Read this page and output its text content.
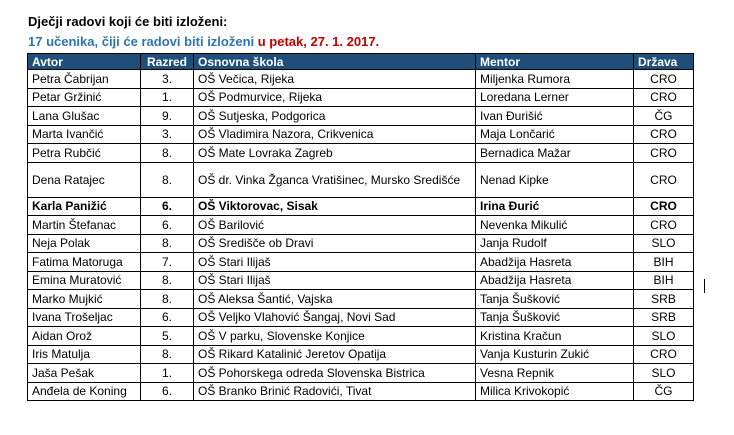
Dječji radovi koji će biti izloženi:
17 učenika, čiji će radovi biti izloženi u petak, 27. 1. 2017.
Avtor	Razred	Osnovna škola	Mentor	Država
Petra Čabrijan	3.	OŠ Večica, Rijeka	Miljenka Rumora	CRO
Petar Gržinić	1.	OŠ Podmurvice, Rijeka	Loredana Lerner	CRO
Lana Glušac	9.	OŠ Sutjeska, Podgorica	Ivan Đurišić	ČG
Marta Ivančić	3.	OŠ Vladimira Nazora, Crikvenica	Maja Lončarić	CRO
Petra Rubčić	8.	OŠ Mate Lovraka Zagreb	Bernadica Mažar	CRO
Dena Ratajec	8.	OŠ dr. Vinka Žganca Vratišinec, Mursko Središće	Nenad Kipke	CRO
Karla Panižić	6.	OŠ Viktorovac, Sisak	Irina Đurić	CRO
Martin Štefanac	6.	OŠ Barilović	Nevenka Mikulić	CRO
Neja Polak	8.	OŠ Središče ob Dravi	Janja Rudolf	SLO
Fatima Matoruga	7.	OŠ Stari Ilijaš	Abadžija Hasreta	BIH
Emina Muratović	8.	OŠ Stari Ilijaš	Abadžija Hasreta	BIH
Marko Mujkić	8.	OŠ Aleksa Šantić, Vajska	Tanja Šušković	SRB
Ivana Trošeljac	6.	OŠ Veljko Vlahović Šangaj, Novi Sad	Tanja Šušković	SRB
Aidan Orož	5.	OŠ V parku, Slovenske Konjice	Kristina Kračun	SLO
Iris Matulja	8.	OŠ Rikard Katalinić Jeretov Opatija	Vanja Kusturin Zukić	CRO
Jaša Pešak	1.	OŠ Pohorskega odreda Slovenska Bistrica	Vesna Repnik	SLO
Anđela de Koning	6.	OŠ Branko Brinić Radovići, Tivat	Milica Krivokopić	ČG
